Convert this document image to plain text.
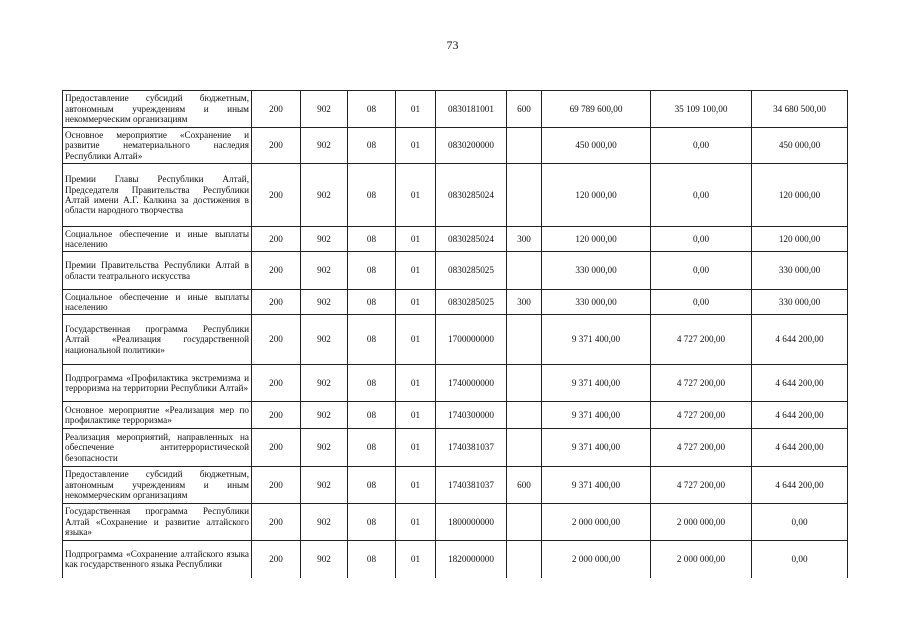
73
Предоставление субсидий бюджетным, автономным учреждениям и иным некоммерческим организациям	200	902	08	01	0830181001	600	69 789 600,00	35 109 100,00	34 680 500,00
Основное мероприятие «Сохранение и развитие нематериального наследия Республики Алтай»	200	902	08	01	0830200000		450 000,00	0,00	450 000,00
Премии Главы Республики Алтай, Председателя Правительства Республики Алтай имени А.Г. Калкина за достижения в области народного творчества	200	902	08	01	0830285024		120 000,00	0,00	120 000,00
Социальное обеспечение и иные выплаты населению	200	902	08	01	0830285024	300	120 000,00	0,00	120 000,00
Премии Правительства Республики Алтай в области театрального искусства	200	902	08	01	0830285025		330 000,00	0,00	330 000,00
Социальное обеспечение и иные выплаты населению	200	902	08	01	0830285025	300	330 000,00	0,00	330 000,00
Государственная программа Республики Алтай «Реализация государственной национальной политики»	200	902	08	01	1700000000		9 371 400,00	4 727 200,00	4 644 200,00
Подпрограмма «Профилактика экстремизма и терроризма на территории Республики Алтай»	200	902	08	01	1740000000		9 371 400,00	4 727 200,00	4 644 200,00
Основное мероприятие «Реализация мер по профилактике терроризма»	200	902	08	01	1740300000		9 371 400,00	4 727 200,00	4 644 200,00
Реализация мероприятий, направленных на обеспечение антитеррористической безопасности	200	902	08	01	1740381037		9 371 400,00	4 727 200,00	4 644 200,00
Предоставление субсидий бюджетным, автономным учреждениям и иным некоммерческим организациям	200	902	08	01	1740381037	600	9 371 400,00	4 727 200,00	4 644 200,00
Государственная программа Республики Алтай «Сохранение и развитие алтайского языка»	200	902	08	01	1800000000		2 000 000,00	2 000 000,00	0,00
Подпрограмма «Сохранение алтайского языка как государственного языка Республики	200	902	08	01	1820000000		2 000 000,00	2 000 000,00	0,00
